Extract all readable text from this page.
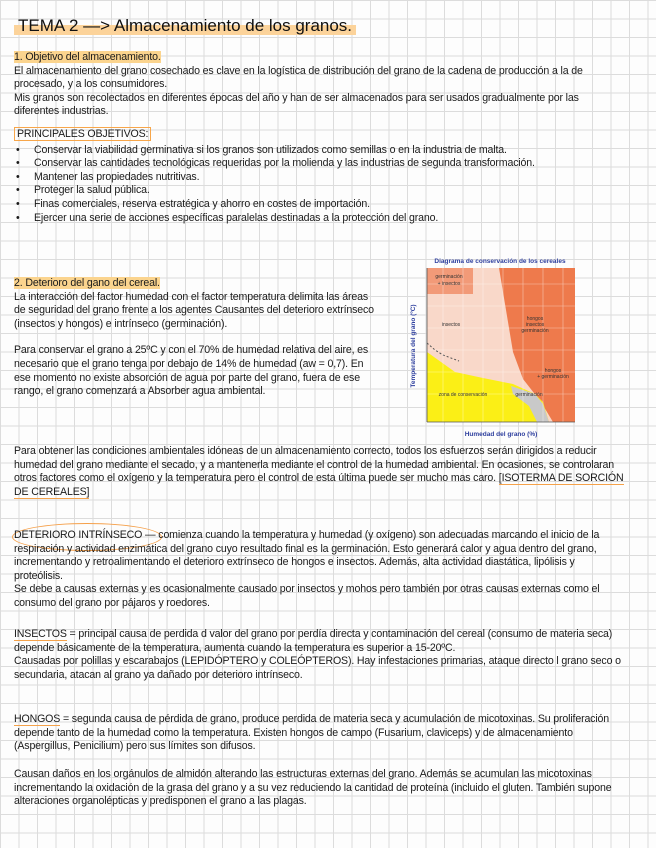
TEMA 2 —> Almacenamiento de los granos.
1. Objetivo del almacenamiento.
El almacenamiento del grano cosechado es clave en la logística de distribución del grano de la cadena de producción a la de procesado, y a los consumidores.
Mis granos son recolectados en diferentes épocas del año y han de ser almacenados para ser usados gradualmente por las diferentes industrias.
PRINCIPALES OBJETIVOS:
• Conservar la viabilidad germinativa si los granos son utilizados como semillas o en la industria de malta.
• Conservar las cantidades tecnológicas requeridas por la molienda y las industrias de segunda transformación.
• Mantener las propiedades nutritivas.
• Proteger la salud pública.
• Finas comerciales, reserva estratégica y ahorro en costes de importación.
• Ejercer una serie de acciones específicas paralelas destinadas a la protección del grano.
2. Deterioro del gano del cereal.
La interacción del factor humedad con el factor temperatura delimita las áreas de seguridad del grano frente a los agentes Causantes del deterioro extrínseco (insectos y hongos) e intrínseco (germinación).
Para conservar el grano a 25ºC y con el 70% de humedad relativa del aire, es necesario que el grano tenga por debajo de 14% de humedad (aw = 0,7). En ese momento no existe absorción de agua por parte del grano, fuera de ese rango, el grano comenzará a Absorber agua ambiental.
Diagrama de conservación de los cereales
germinación
+ insectos
insectos
hongos
insectos
germinación
hongos
+ germinación
zona de conservación	germinación
Humedad del grano (%)
Temperatura del grano (ºC)
Para obtener las condiciones ambientales idóneas de un almacenamiento correcto, todos los esfuerzos serán dirigidos a reducir humedad del grano mediante el secado, y a mantenerla mediante el control de la humedad ambiental. En ocasiones, se controlaran otros factores como el oxígeno y la temperatura pero el control de esta última puede ser mucho mas caro. [ISOTERMA DE SORCIÓN DE CEREALES]
DETERIORO INTRÍNSECO — comienza cuando la temperatura y humedad (y oxígeno) son adecuadas marcando el inicio de la respiración y actividad enzimática del grano cuyo resultado final es la germinación. Esto generará calor y agua dentro del grano, incrementando y retroalimentando el deterioro extrínseco de hongos e insectos. Además, alta actividad diastática, lipólisis y proteólisis.
Se debe a causas externas y es ocasionalmente causado por insectos y mohos pero también por otras causas externas como el consumo del grano por pájaros y roedores.
INSECTOS = principal causa de perdida d valor del grano por perdía directa y contaminación del cereal (consumo de materia seca) depende básicamente de la temperatura, aumenta cuando la temperatura es superior a 15-20ºC.
Causadas por polillas y escarabajos (LEPIDÓPTERO y COLEÓPTEROS). Hay infestaciones primarias, ataque directo l grano seco o secundaria, atacan al grano ya dañado por deterioro intrínseco.
HONGOS = segunda causa de pérdida de grano, produce perdida de materia seca y acumulación de micotoxinas. Su proliferación depende tanto de la humedad como la temperatura. Existen hongos de campo (Fusarium, claviceps) y de almacenamiento (Aspergillus, Penicilium) pero sus límites son difusos.
Causan daños en los orgánulos de almidón alterando las estructuras externas del grano. Además se acumulan las micotoxinas incrementando la oxidación de la grasa del grano y a su vez reduciendo la cantidad de proteína (incluido el gluten. También supone alteraciones organolépticas y predisponen el grano a las plagas.
